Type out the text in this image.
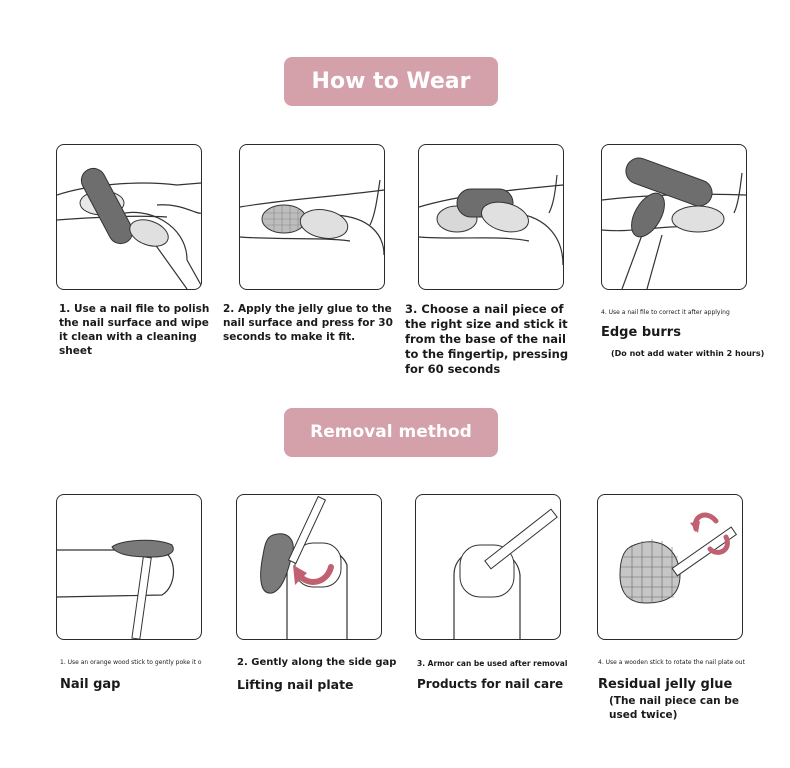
How to Wear
1. Use a nail file to polish the nail surface and wipe it clean with a cleaning sheet
2. Apply the jelly glue to the nail surface and press for 30 seconds to make it fit.
3. Choose a nail piece of the right size and stick it from the base of the nail to the fingertip, pressing for 60 seconds
4. Use a nail file to correct it after applying
Edge burrs
(Do not add water within 2 hours)
Removal method
1. Use an orange wood stick to gently poke it o
Nail gap
2. Gently along the side gap
Lifting nail plate
3. Armor can be used after removal
Products for nail care
4. Use a wooden stick to rotate the nail plate out
Residual jelly glue
(The nail piece can be used twice)
